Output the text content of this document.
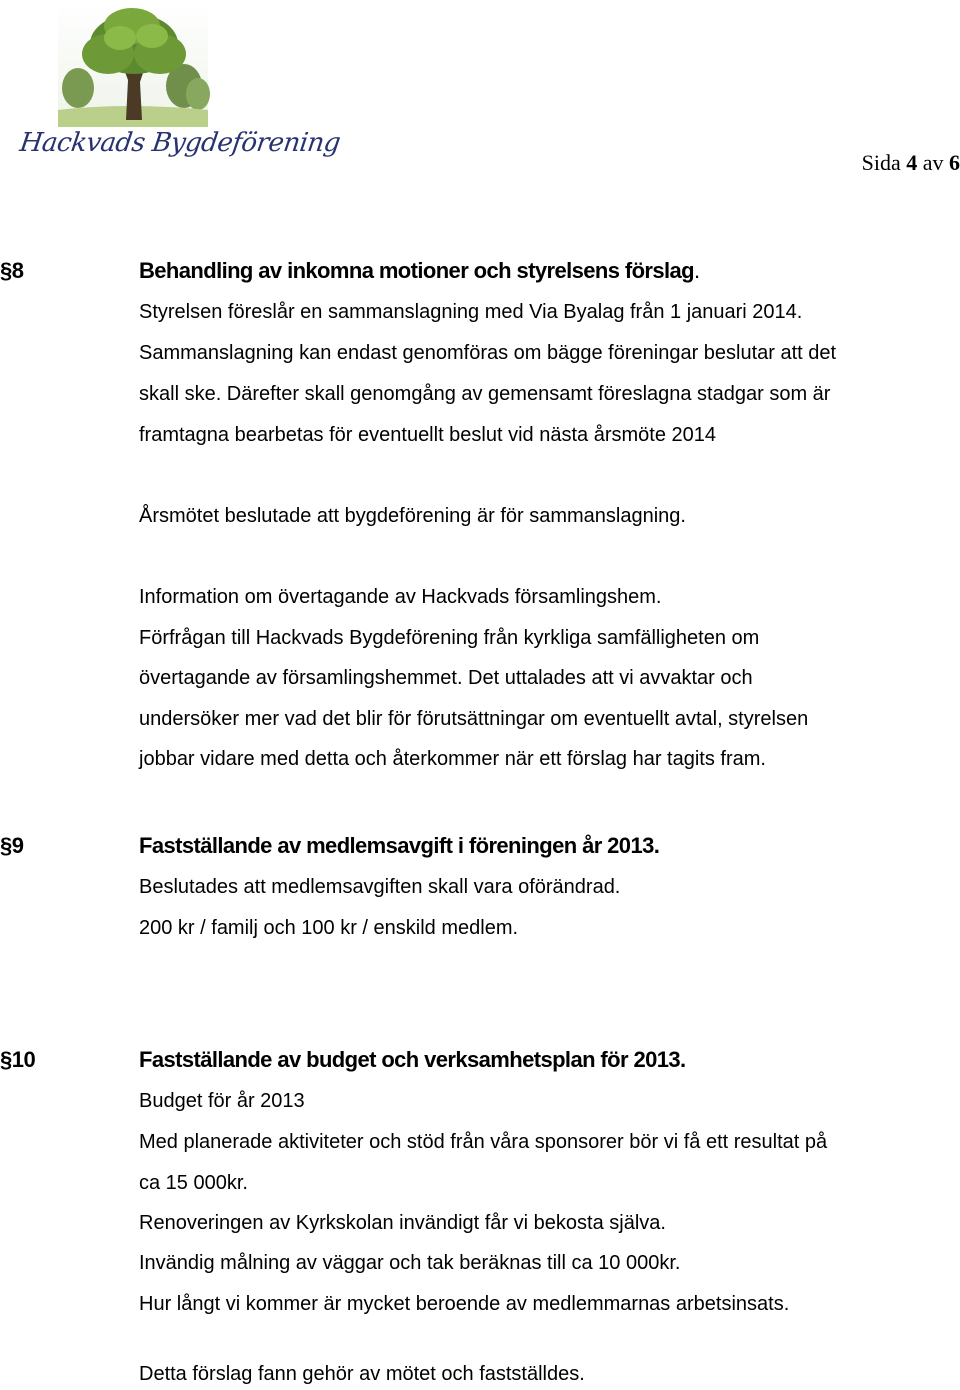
Hackvads Bygdeförening
Sida 4 av 6
§8	Behandling av inkomna motioner och styrelsens förslag.
Styrelsen föreslår en sammanslagning med Via Byalag från 1 januari 2014.
Sammanslagning kan endast genomföras om bägge föreningar beslutar att det
skall ske. Därefter skall genomgång av gemensamt föreslagna stadgar som är
framtagna bearbetas för eventuellt beslut vid nästa årsmöte 2014
Årsmötet beslutade att bygdeförening är för sammanslagning.
Information om övertagande av Hackvads församlingshem.
Förfrågan till Hackvads Bygdeförening från kyrkliga samfälligheten om
övertagande av församlingshemmet. Det uttalades att vi avvaktar och
undersöker mer vad det blir för förutsättningar om eventuellt avtal, styrelsen
jobbar vidare med detta och återkommer när ett förslag har tagits fram.
§9	Fastställande av medlemsavgift i föreningen år 2013.
Beslutades att medlemsavgiften skall vara oförändrad.
200 kr / familj och 100 kr / enskild medlem.
§10	Fastställande av budget och verksamhetsplan för 2013.
Budget för år 2013
Med planerade aktiviteter och stöd från våra sponsorer bör vi få ett resultat på
ca 15 000kr.
Renoveringen av Kyrkskolan invändigt får vi bekosta själva.
Invändig målning av väggar och tak beräknas till ca 10 000kr.
Hur långt vi kommer är mycket beroende av medlemmarnas arbetsinsats.
Detta förslag fann gehör av mötet och fastställdes.
